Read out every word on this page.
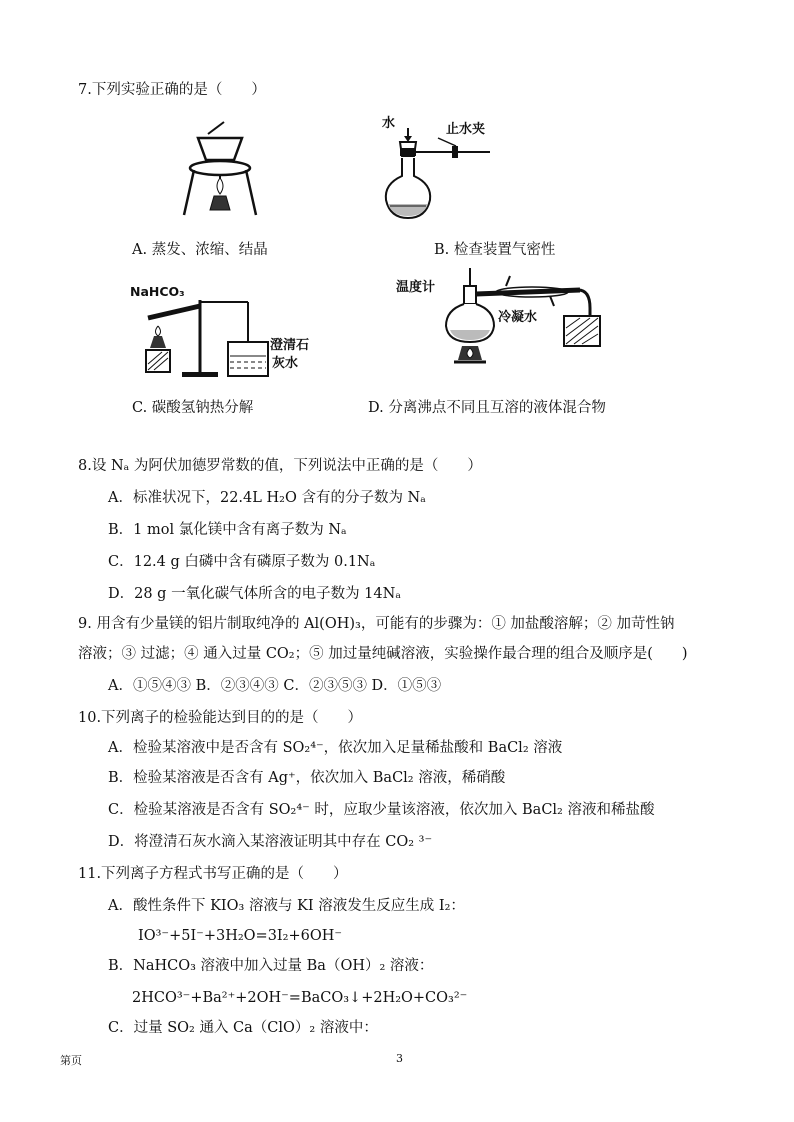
7.下列实验正确的是（　　）
A. 蒸发、浓缩、结晶
水	止水夹
B. 检查装置气密性
NaHCO₃
澄清石
灰水
C. 碳酸氢钠热分解
温度计
冷凝水
D. 分离沸点不同且互溶的液体混合物
8.设 Nₐ 为阿伏加德罗常数的值，下列说法中正确的是（　　）
A．标准状况下，22.4L H₂O 含有的分子数为 Nₐ
B．1 mol 氯化镁中含有离子数为 Nₐ
C．12.4 g 白磷中含有磷原子数为 0.1Nₐ
D．28 g 一氧化碳气体所含的电子数为 14Nₐ
9. 用含有少量镁的铝片制取纯净的 Al(OH)₃，可能有的步骤为：① 加盐酸溶解；② 加苛性钠
溶液；③ 过滤；④ 通入过量 CO₂；⑤ 加过量纯碱溶液，实验操作最合理的组合及顺序是(　　)
A．①⑤④③ B．②③④③ C．②③⑤③ D．①⑤③
10.下列离子的检验能达到目的的是（　　）
A．检验某溶液中是否含有 SO₂⁴⁻，依次加入足量稀盐酸和 BaCl₂ 溶液
B．检验某溶液是否含有 Ag⁺，依次加入 BaCl₂ 溶液，稀硝酸
C．检验某溶液是否含有 SO₂⁴⁻ 时，应取少量该溶液，依次加入 BaCl₂ 溶液和稀盐酸
D．将澄清石灰水滴入某溶液证明其中存在 CO₂ ³⁻
11.下列离子方程式书写正确的是（　　）
A．酸性条件下 KIO₃ 溶液与 KI 溶液发生反应生成 I₂：
IO³⁻+5I⁻+3H₂O=3I₂+6OH⁻
B．NaHCO₃ 溶液中加入过量 Ba（OH）₂ 溶液：
2HCO³⁻+Ba²⁺+2OH⁻=BaCO₃↓+2H₂O+CO₃²⁻
C．过量 SO₂ 通入 Ca（ClO）₂ 溶液中：
第页	3
